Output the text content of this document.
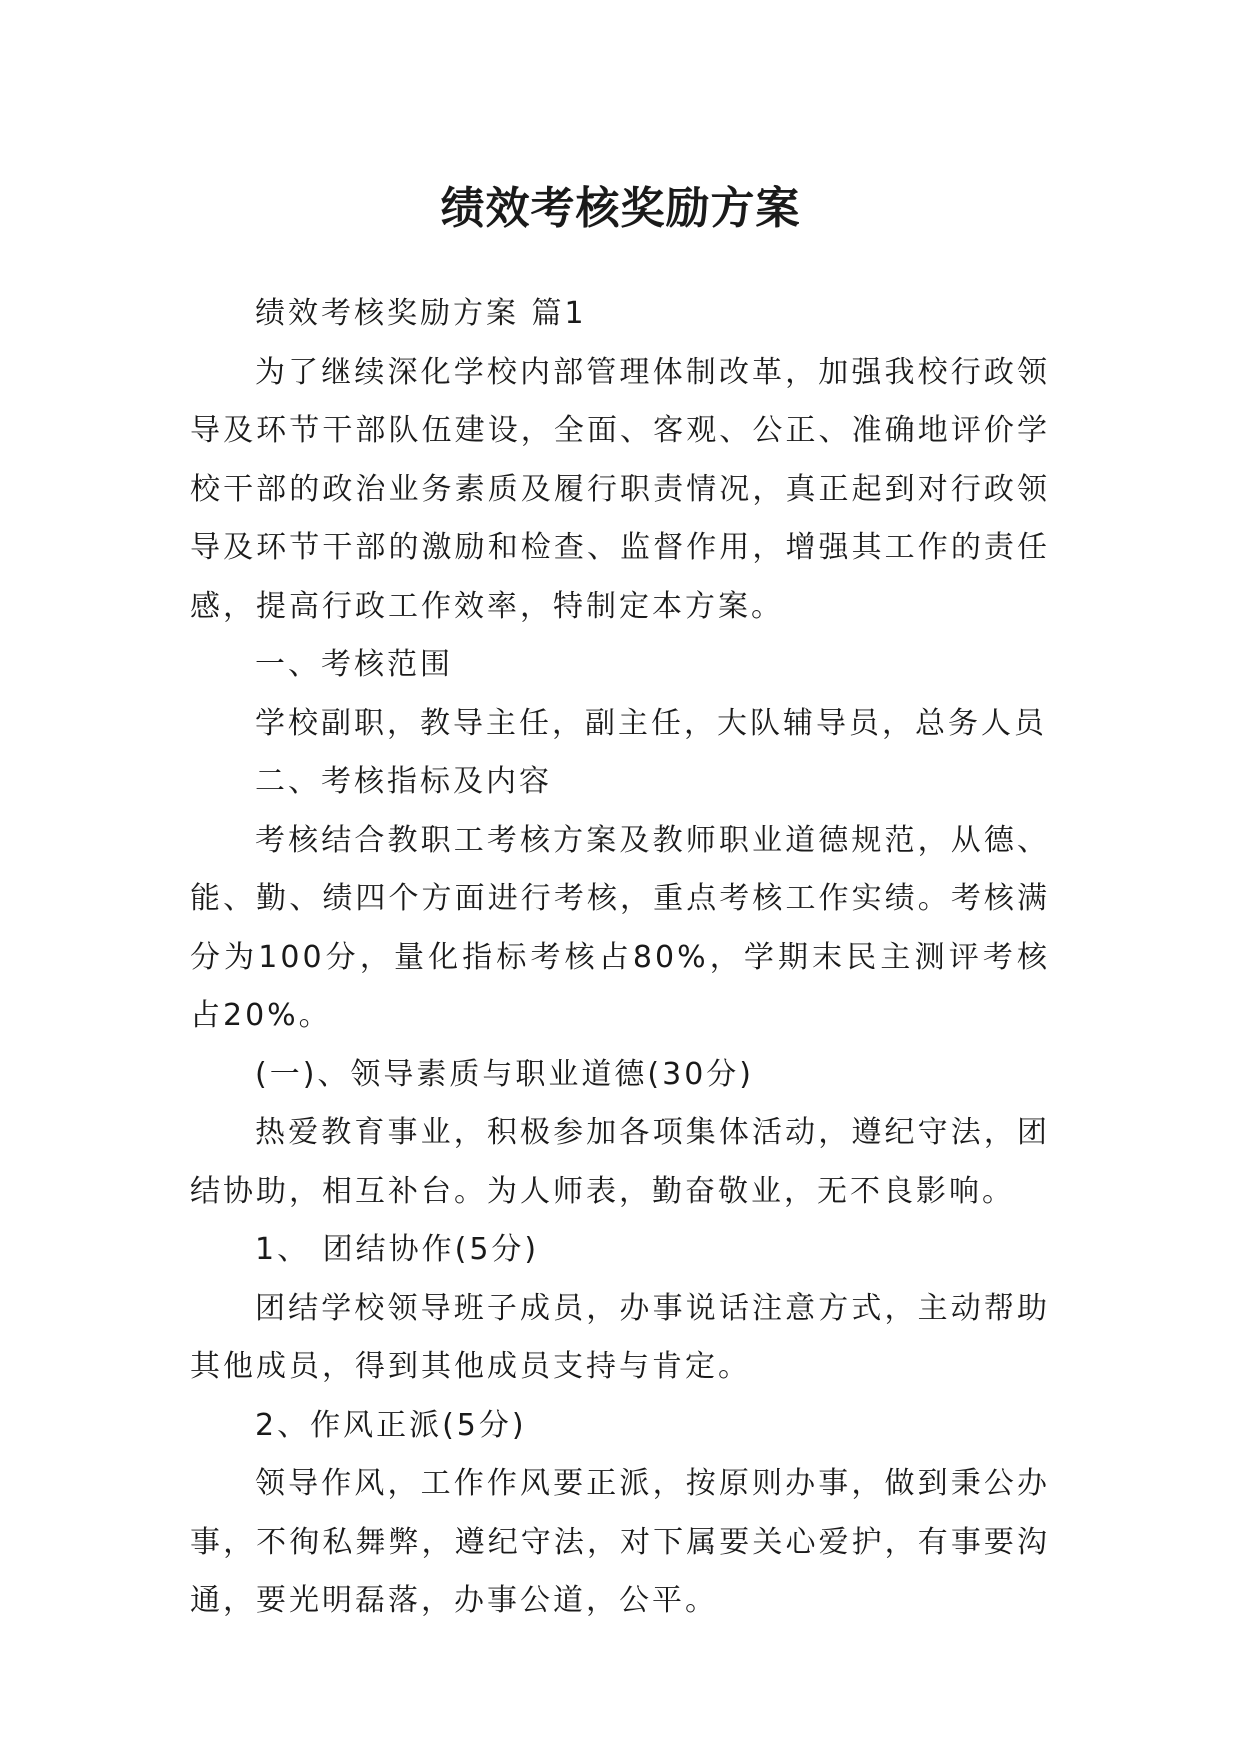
绩效考核奖励方案

绩效考核奖励方案 篇1

为了继续深化学校内部管理体制改革，加强我校行政领导及环节干部队伍建设，全面、客观、公正、准确地评价学校干部的政治业务素质及履行职责情况，真正起到对行政领导及环节干部的激励和检查、监督作用，增强其工作的责任感，提高行政工作效率，特制定本方案。

一、考核范围

学校副职，教导主任，副主任，大队辅导员，总务人员

二、考核指标及内容

考核结合教职工考核方案及教师职业道德规范，从德、能、勤、绩四个方面进行考核，重点考核工作实绩。考核满分为100分，量化指标考核占80%，学期末民主测评考核占20%。

(一)、领导素质与职业道德(30分)

热爱教育事业，积极参加各项集体活动，遵纪守法，团结协助，相互补台。为人师表，勤奋敬业，无不良影响。

1、 团结协作(5分)

团结学校领导班子成员，办事说话注意方式，主动帮助其他成员，得到其他成员支持与肯定。

2、作风正派(5分)

领导作风，工作作风要正派，按原则办事，做到秉公办事，不徇私舞弊，遵纪守法，对下属要关心爱护，有事要沟通，要光明磊落，办事公道，公平。
